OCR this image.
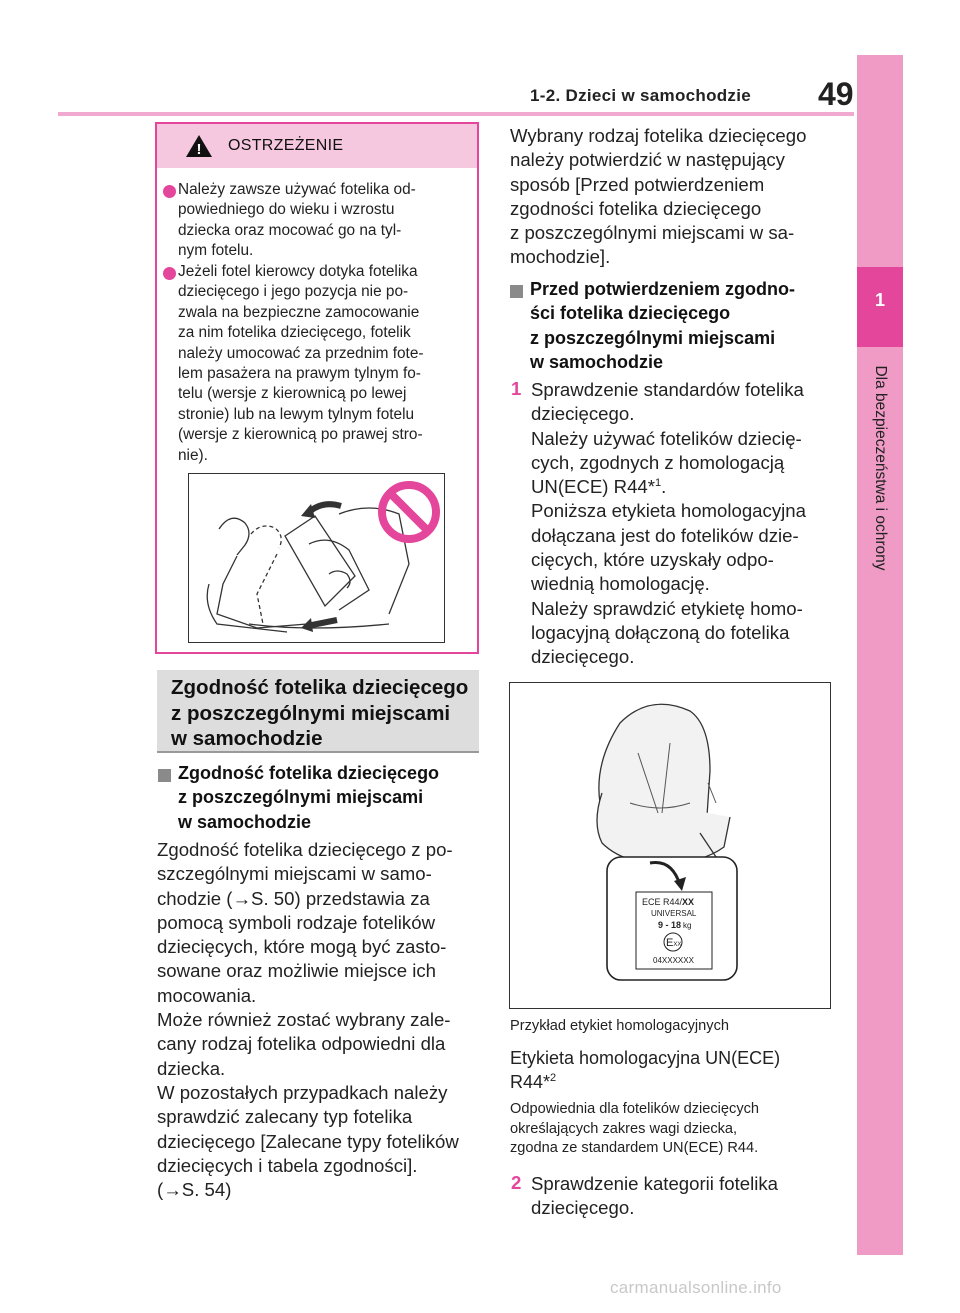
1-2. Dzieci w samochodzie 49
1
Dla bezpieczeństwa i ochrony
! OSTRZEŻENIE
Należy zawsze używać fotelika od-
powiedniego do wieku i wzrostu
dziecka oraz mocować go na tyl-
nym fotelu.
Jeżeli fotel kierowcy dotyka fotelika
dziecięcego i jego pozycja nie po-
zwala na bezpieczne zamocowanie
za nim fotelika dziecięcego, fotelik
należy umocować za przednim fote-
lem pasażera na prawym tylnym fo-
telu (wersje z kierownicą po lewej
stronie) lub na lewym tylnym fotelu
(wersje z kierownicą po prawej stro-
nie).
Zgodność fotelika dziecięcego
z poszczególnymi miejscami
w samochodzie
Zgodność fotelika dziecięcego
z poszczególnymi miejscami
w samochodzie
Zgodność fotelika dziecięcego z po-
szczególnymi miejscami w samo-
chodzie (→S. 50) przedstawia za
pomocą symboli rodzaje fotelików
dziecięcych, które mogą być zasto-
sowane oraz możliwie miejsce ich
mocowania.
Może również zostać wybrany zale-
cany rodzaj fotelika odpowiedni dla
dziecka.
W pozostałych przypadkach należy
sprawdzić zalecany typ fotelika
dziecięcego [Zalecane typy fotelików
dziecięcych i tabela zgodności].
(→S. 54)
Wybrany rodzaj fotelika dziecięcego
należy potwierdzić w następujący
sposób [Przed potwierdzeniem
zgodności fotelika dziecięcego
z poszczególnymi miejscami w sa-
mochodzie].
Przed potwierdzeniem zgodno-
ści fotelika dziecięcego
z poszczególnymi miejscami
w samochodzie
1 Sprawdzenie standardów fotelika
dziecięcego.
Należy używać fotelików dziecię-
cych, zgodnych z homologacją
UN(ECE) R44*$^1$.
Poniższa etykieta homologacyjna
dołączana jest do fotelików dzie-
cięcych, które uzyskały odpo-
wiednią homologację.
Należy sprawdzić etykietę homo-
logacyjną dołączoną do fotelika
dziecięcego.
ECE R44/XX
UNIVERSAL
9 - 18 kg
EXX
04XXXXXX
Przykład etykiet homologacyjnych
Etykieta homologacyjna UN(ECE)
R44*$^2$
Odpowiednia dla fotelików dziecięcych
określających zakres wagi dziecka,
zgodna ze standardem UN(ECE) R44.
2 Sprawdzenie kategorii fotelika
dziecięcego.
carmanualsonline.info
